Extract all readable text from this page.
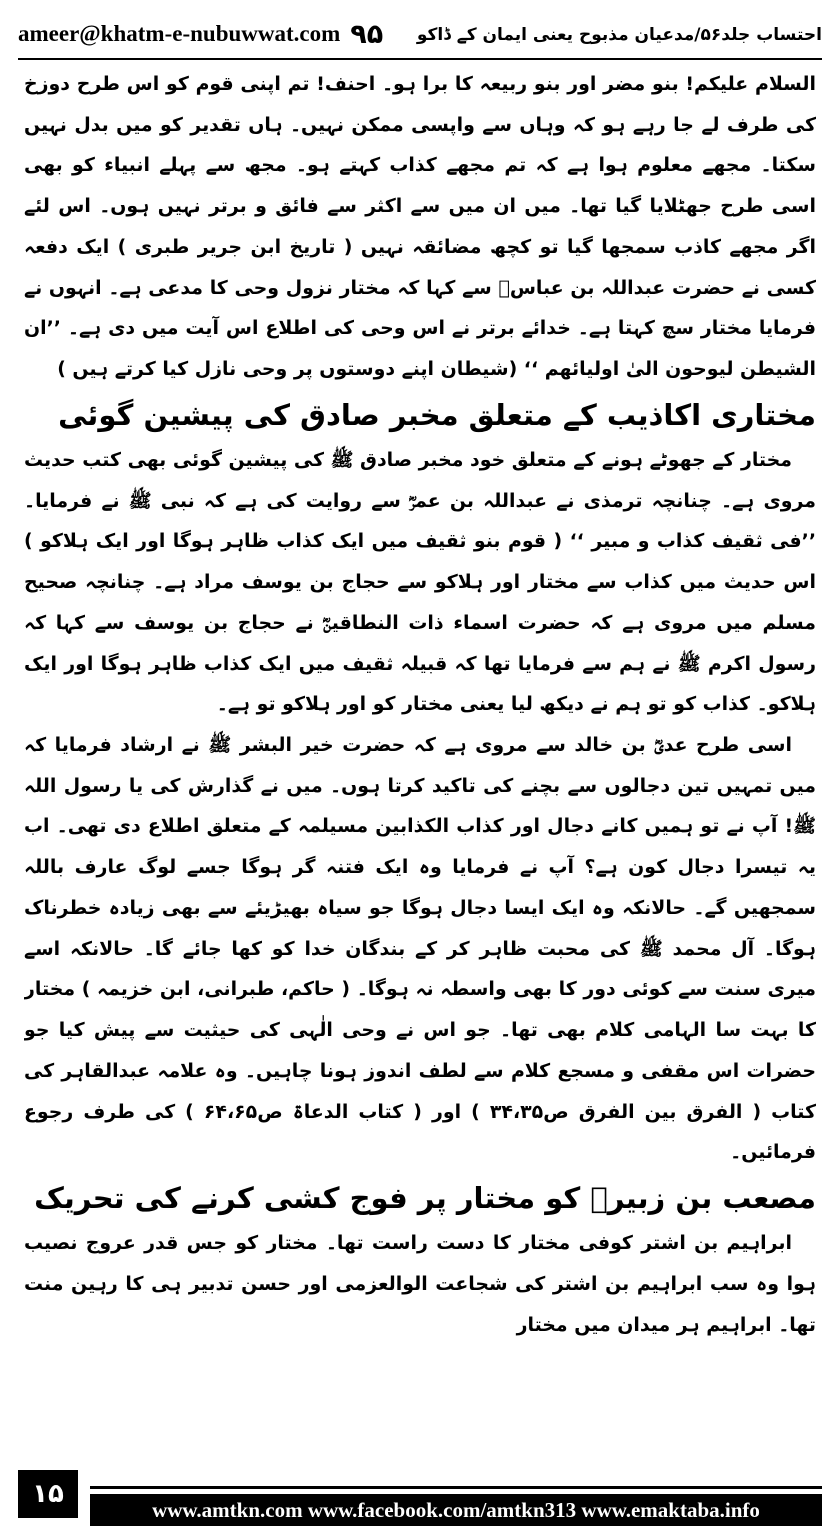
ameer@khatm-e-nubuwwat.com ۹۵ احتساب جلد۵۶/مدعیان مذبوح یعنی ایمان کے ڈاکو

السلام علیکم! بنو مضر اور بنو ربیعہ کا برا ہو۔ احنف! تم اپنی قوم کو اس طرح دوزخ کی طرف لے جا رہے ہو کہ وہاں سے واپسی ممکن نہیں۔ ہاں تقدیر کو میں بدل نہیں سکتا۔ مجھے معلوم ہوا ہے کہ تم مجھے کذاب کہتے ہو۔ مجھ سے پہلے انبیاء کو بھی اسی طرح جھٹلایا گیا تھا۔ میں ان میں سے اکثر سے فائق و برتر نہیں ہوں۔ اس لئے اگر مجھے کاذب سمجھا گیا تو کچھ مضائقہ نہیں ( تاریخ ابن جریر طبری ) ایک دفعہ کسی نے حضرت عبداللہ بن عباسؓ سے کہا کہ مختار نزول وحی کا مدعی ہے۔ انہوں نے فرمایا مختار سچ کہتا ہے۔ خدائے برتر نے اس وحی کی اطلاع اس آیت میں دی ہے۔ ’’ان الشیطن لیوحون الیٰ اولیائھم ‘‘ (شیطان اپنے دوستوں پر وحی نازل کیا کرتے ہیں )

مختاری اکاذیب کے متعلق مخبر صادق کی پیشین گوئی

مختار کے جھوٹے ہونے کے متعلق خود مخبر صادق ﷺ کی پیشین گوئی بھی کتب حدیث مروی ہے۔ چنانچہ ترمذی نے عبداللہ بن عمرؓ سے روایت کی ہے کہ نبی ﷺ نے فرمایا۔ ’’فی ثقیف کذاب و مبیر ‘‘ ( قوم بنو ثقیف میں ایک کذاب ظاہر ہوگا اور ایک ہلاکو ) اس حدیث میں کذاب سے مختار اور ہلاکو سے حجاج بن یوسف مراد ہے۔ چنانچہ صحیح مسلم میں مروی ہے کہ حضرت اسماء ذات النطاقینؓ نے حجاج بن یوسف سے کہا کہ رسول اکرم ﷺ نے ہم سے فرمایا تھا کہ قبیلہ ثقیف میں ایک کذاب ظاہر ہوگا اور ایک ہلاکو۔ کذاب کو تو ہم نے دیکھ لیا یعنی مختار کو اور ہلاکو تو ہے۔

اسی طرح عدیؓ بن خالد سے مروی ہے کہ حضرت خیر البشر ﷺ نے ارشاد فرمایا کہ میں تمہیں تین دجالوں سے بچنے کی تاکید کرتا ہوں۔ میں نے گذارش کی یا رسول اللہ ﷺ! آپ نے تو ہمیں کانے دجال اور کذاب الکذابین مسیلمہ کے متعلق اطلاع دی تھی۔ اب یہ تیسرا دجال کون ہے؟ آپ نے فرمایا وہ ایک فتنہ گر ہوگا جسے لوگ عارف باللہ سمجھیں گے۔ حالانکہ وہ ایک ایسا دجال ہوگا جو سیاہ بھیڑیئے سے بھی زیادہ خطرناک ہوگا۔ آل محمد ﷺ کی محبت ظاہر کر کے بندگان خدا کو کھا جائے گا۔ حالانکہ اسے میری سنت سے کوئی دور کا بھی واسطہ نہ ہوگا۔ ( حاکم، طبرانی، ابن خزیمہ ) مختار کا بہت سا الہامی کلام بھی تھا۔ جو اس نے وحی الٰہی کی حیثیت سے پیش کیا جو حضرات اس مقفی و مسجع کلام سے لطف اندوز ہونا چاہیں۔ وہ علامہ عبدالقاہر کی کتاب ( الفرق بین الفرق ص۳۴،۳۵ ) اور ( کتاب الدعاۃ ص۶۴،۶۵ ) کی طرف رجوع فرمائیں۔

مصعب بن زبیرؓ کو مختار پر فوج کشی کرنے کی تحریک

ابراہیم بن اشتر کوفی مختار کا دست راست تھا۔ مختار کو جس قدر عروج نصیب ہوا وہ سب ابراہیم بن اشتر کی شجاعت الوالعزمی اور حسن تدبیر ہی کا رہین منت تھا۔ ابراہیم ہر میدان میں مختار

۱۵
www.amtkn.com www.facebook.com/amtkn313 www.emaktaba.info
